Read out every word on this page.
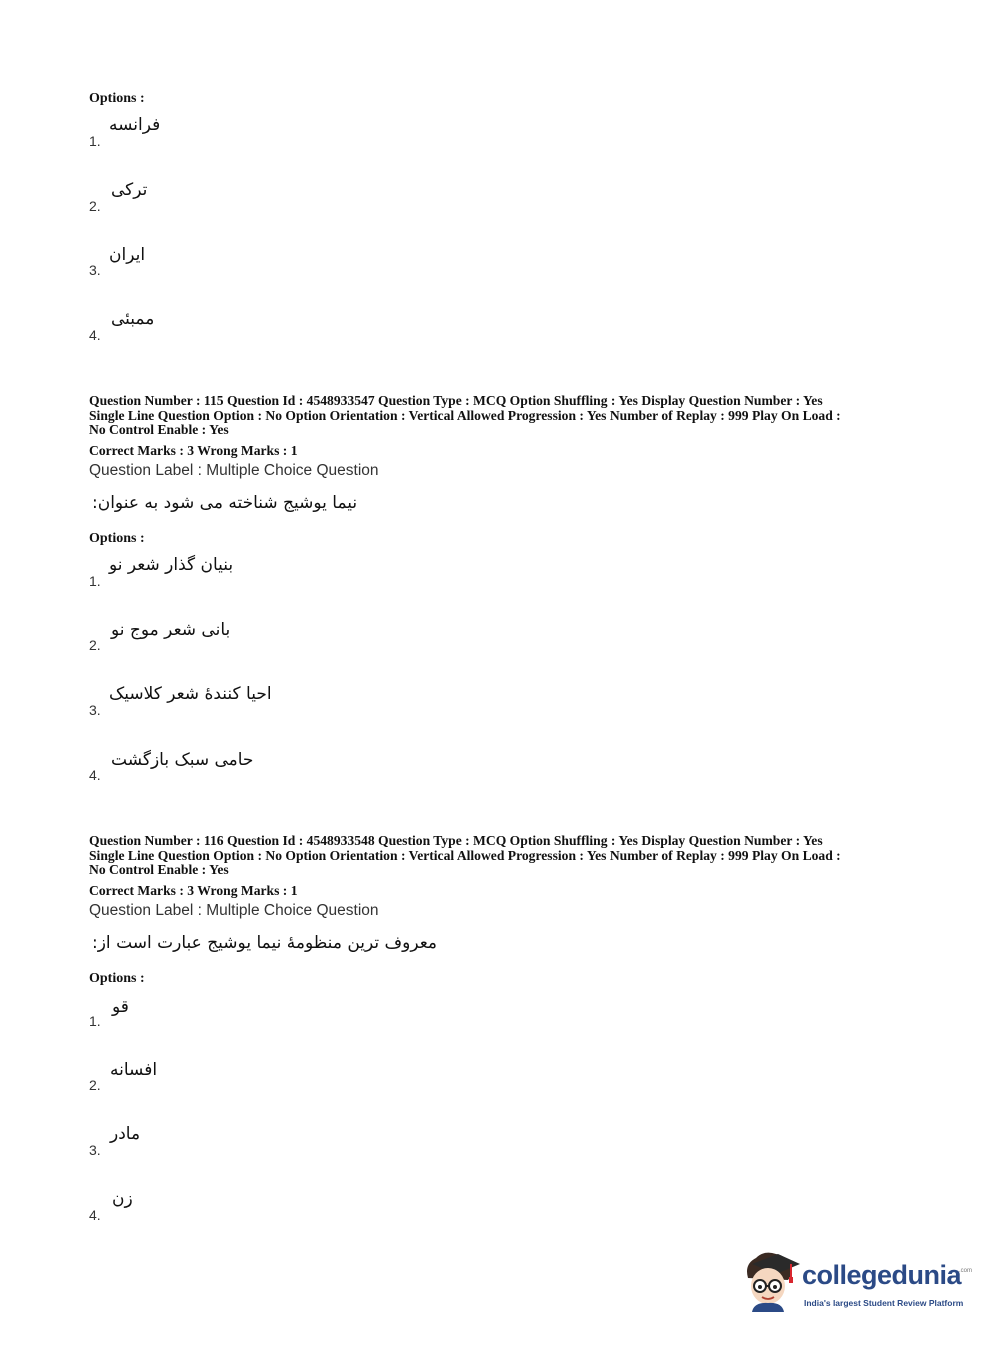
Options :
1.
فرانسه
2.
ترکی
3.
ایران
4.
ممبئی
Question Number : 115 Question Id : 4548933547 Question Type : MCQ Option Shuffling : Yes Display Question Number : Yes
Single Line Question Option : No Option Orientation : Vertical Allowed Progression : Yes Number of Replay : 999 Play On Load :
No Control Enable : Yes
Correct Marks : 3 Wrong Marks : 1
Question Label : Multiple Choice Question
نیما یوشیج شناخته می شود به عنوان:
Options :
1.
بنیان گذار شعر نو
2.
بانی شعر موج نو
3.
احیا کنندهٔ شعر کلاسیک
4.
حامی سبک بازگشت
Question Number : 116 Question Id : 4548933548 Question Type : MCQ Option Shuffling : Yes Display Question Number : Yes
Single Line Question Option : No Option Orientation : Vertical Allowed Progression : Yes Number of Replay : 999 Play On Load :
No Control Enable : Yes
Correct Marks : 3 Wrong Marks : 1
Question Label : Multiple Choice Question
معروف ترین منظومهٔ نیما یوشیج عبارت است از:
Options :
1.
قو
2.
افسانه
3.
مادر
4.
زن
collegedunia
.com
India's largest Student Review Platform
